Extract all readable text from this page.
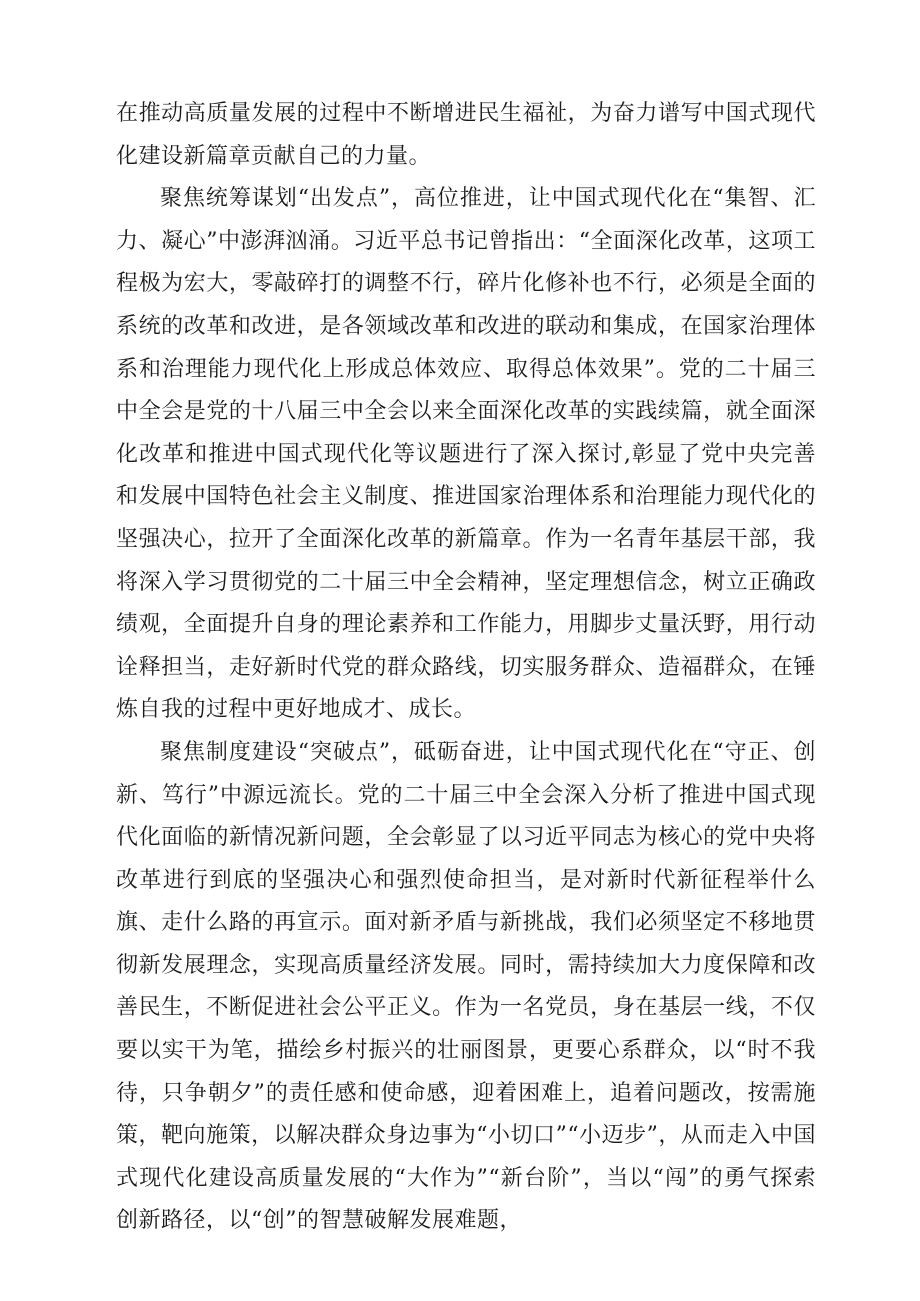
在推动高质量发展的过程中不断增进民生福祉，为奋力谱写中国式现代化建设新篇章贡献自己的力量。

聚焦统筹谋划“出发点”，高位推进，让中国式现代化在“集智、汇力、凝心”中澎湃汹涌。习近平总书记曾指出：“全面深化改革，这项工程极为宏大，零敲碎打的调整不行，碎片化修补也不行，必须是全面的系统的改革和改进，是各领域改革和改进的联动和集成，在国家治理体系和治理能力现代化上形成总体效应、取得总体效果”。党的二十届三中全会是党的十八届三中全会以来全面深化改革的实践续篇，就全面深化改革和推进中国式现代化等议题进行了深入探讨,彰显了党中央完善和发展中国特色社会主义制度、推进国家治理体系和治理能力现代化的坚强决心，拉开了全面深化改革的新篇章。作为一名青年基层干部，我将深入学习贯彻党的二十届三中全会精神，坚定理想信念，树立正确政绩观，全面提升自身的理论素养和工作能力，用脚步丈量沃野，用行动诠释担当，走好新时代党的群众路线，切实服务群众、造福群众，在锤炼自我的过程中更好地成才、成长。

聚焦制度建设“突破点”，砥砺奋进，让中国式现代化在“守正、创新、笃行”中源远流长。党的二十届三中全会深入分析了推进中国式现代化面临的新情况新问题，全会彰显了以习近平同志为核心的党中央将改革进行到底的坚强决心和强烈使命担当，是对新时代新征程举什么旗、走什么路的再宣示。面对新矛盾与新挑战，我们必须坚定不移地贯彻新发展理念，实现高质量经济发展。同时，需持续加大力度保障和改善民生，不断促进社会公平正义。作为一名党员，身在基层一线，不仅要以实干为笔，描绘乡村振兴的壮丽图景，更要心系群众，以“时不我待，只争朝夕”的责任感和使命感，迎着困难上，追着问题改，按需施策，靶向施策，以解决群众身边事为“小切口”“小迈步”，从而走入中国式现代化建设高质量发展的“大作为”“新台阶”，当以“闯”的勇气探索创新路径，以“创”的智慧破解发展难题，
